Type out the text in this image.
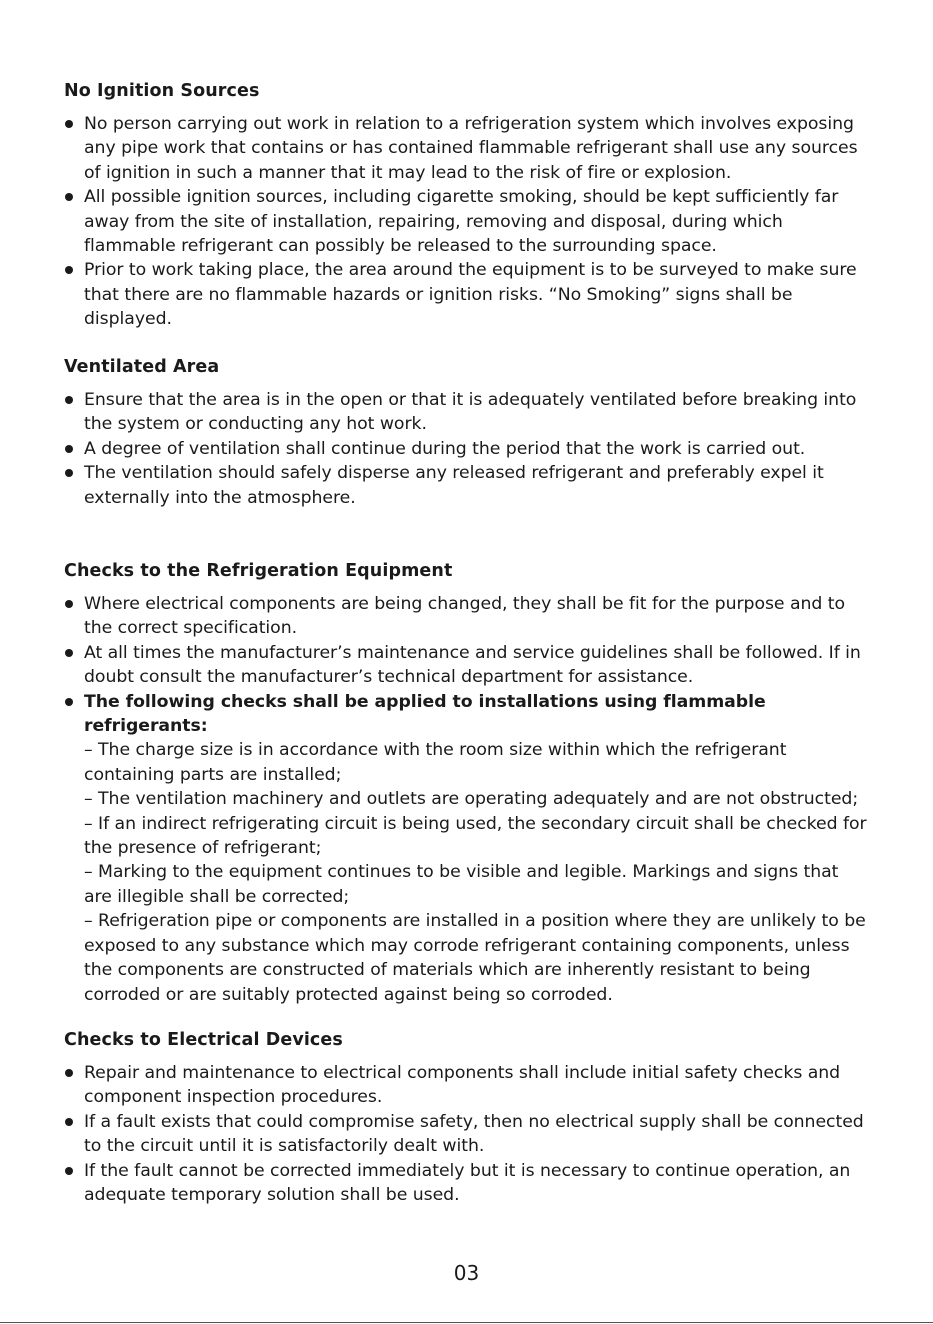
No Ignition Sources
No person carrying out work in relation to a refrigeration system which involves exposing any pipe work that contains or has contained flammable refrigerant shall use any sources of ignition in such a manner that it may lead to the risk of fire or explosion.
All possible ignition sources, including cigarette smoking, should be kept sufficiently far away from the site of installation, repairing, removing and disposal, during which flammable refrigerant can possibly be released to the surrounding space.
Prior to work taking place, the area around the equipment is to be surveyed to make sure that there are no flammable hazards or ignition risks. “No Smoking” signs shall be displayed.
Ventilated Area
Ensure that the area is in the open or that it is adequately ventilated before breaking into the system or conducting any hot work.
A degree of ventilation shall continue during the period that the work is carried out.
The ventilation should safely disperse any released refrigerant and preferably expel it externally into the atmosphere.
Checks to the Refrigeration Equipment
Where electrical components are being changed, they shall be fit for the purpose and to the correct specification.
At all times the manufacturer’s maintenance and service guidelines shall be followed. If in doubt consult the manufacturer’s technical department for assistance.
The following checks shall be applied to installations using flammable refrigerants:
– The charge size is in accordance with the room size within which the refrigerant containing parts are installed;
– The ventilation machinery and outlets are operating adequately and are not obstructed;
– If an indirect refrigerating circuit is being used, the secondary circuit shall be checked for the presence of refrigerant;
– Marking to the equipment continues to be visible and legible. Markings and signs that are illegible shall be corrected;
– Refrigeration pipe or components are installed in a position where they are unlikely to be exposed to any substance which may corrode refrigerant containing components, unless the components are constructed of materials which are inherently resistant to being corroded or are suitably protected against being so corroded.
Checks to Electrical Devices
Repair and maintenance to electrical components shall include initial safety checks and component inspection procedures.
If a fault exists that could compromise safety, then no electrical supply shall be connected to the circuit until it is satisfactorily dealt with.
If the fault cannot be corrected immediately but it is necessary to continue operation, an adequate temporary solution shall be used.
03
